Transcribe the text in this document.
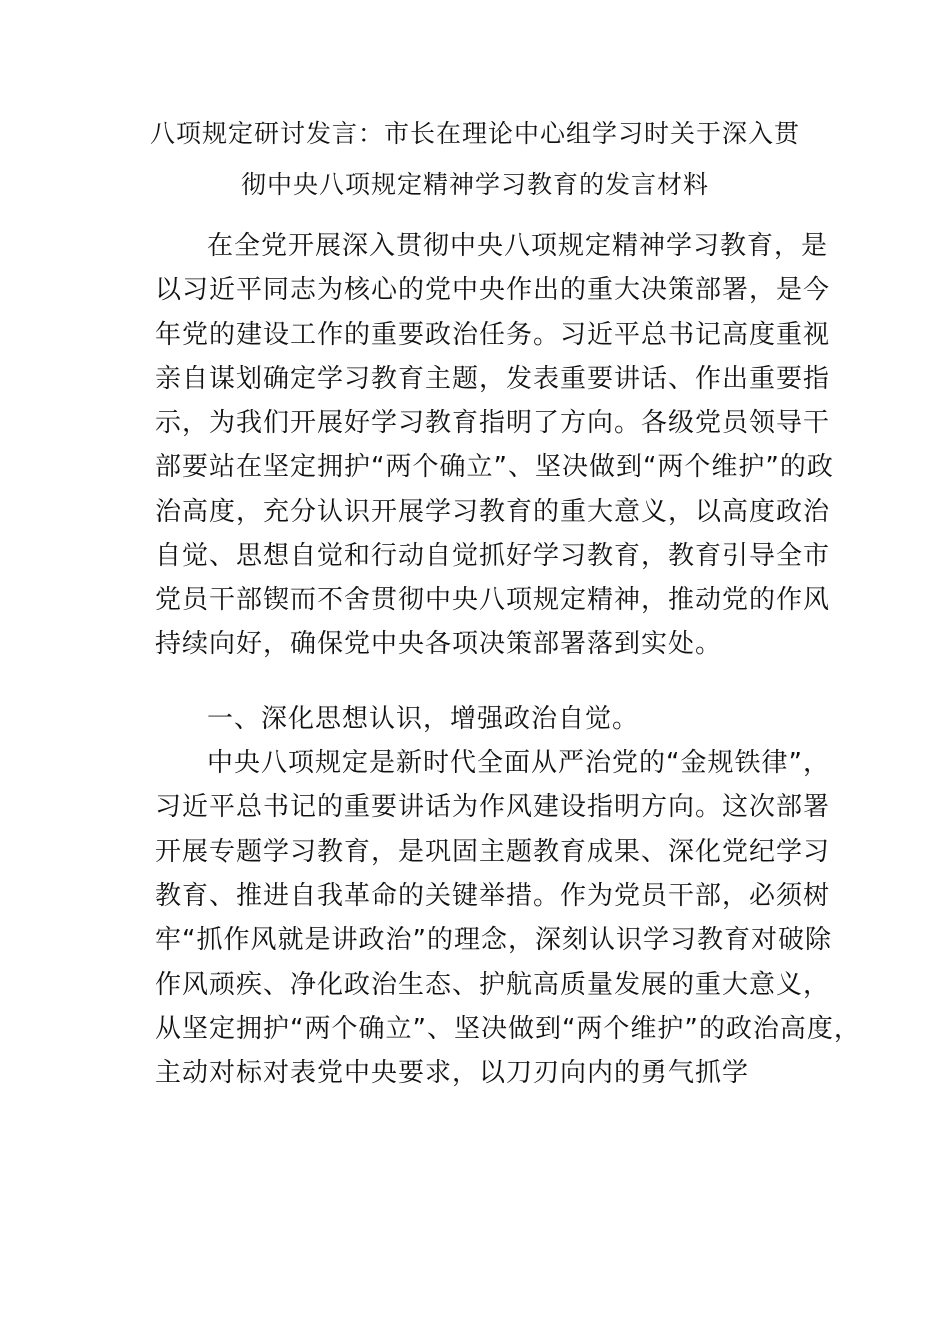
八项规定研讨发言：市长在理论中心组学习时关于深入贯
彻中央八项规定精神学习教育的发言材料
在全党开展深入贯彻中央八项规定精神学习教育，是
以习近平同志为核心的党中央作出的重大决策部署，是今
年党的建设工作的重要政治任务。习近平总书记高度重视
亲自谋划确定学习教育主题，发表重要讲话、作出重要指
示，为我们开展好学习教育指明了方向。各级党员领导干
部要站在坚定拥护“两个确立”、坚决做到“两个维护”的政
治高度，充分认识开展学习教育的重大意义，以高度政治
自觉、思想自觉和行动自觉抓好学习教育，教育引导全市
党员干部锲而不舍贯彻中央八项规定精神，推动党的作风
持续向好，确保党中央各项决策部署落到实处。
一、深化思想认识，增强政治自觉。
中央八项规定是新时代全面从严治党的“金规铁律”，
习近平总书记的重要讲话为作风建设指明方向。这次部署
开展专题学习教育，是巩固主题教育成果、深化党纪学习
教育、推进自我革命的关键举措。作为党员干部，必须树
牢“抓作风就是讲政治”的理念，深刻认识学习教育对破除
作风顽疾、净化政治生态、护航高质量发展的重大意义，
从坚定拥护“两个确立”、坚决做到“两个维护”的政治高度，
主动对标对表党中央要求，以刀刃向内的勇气抓学
